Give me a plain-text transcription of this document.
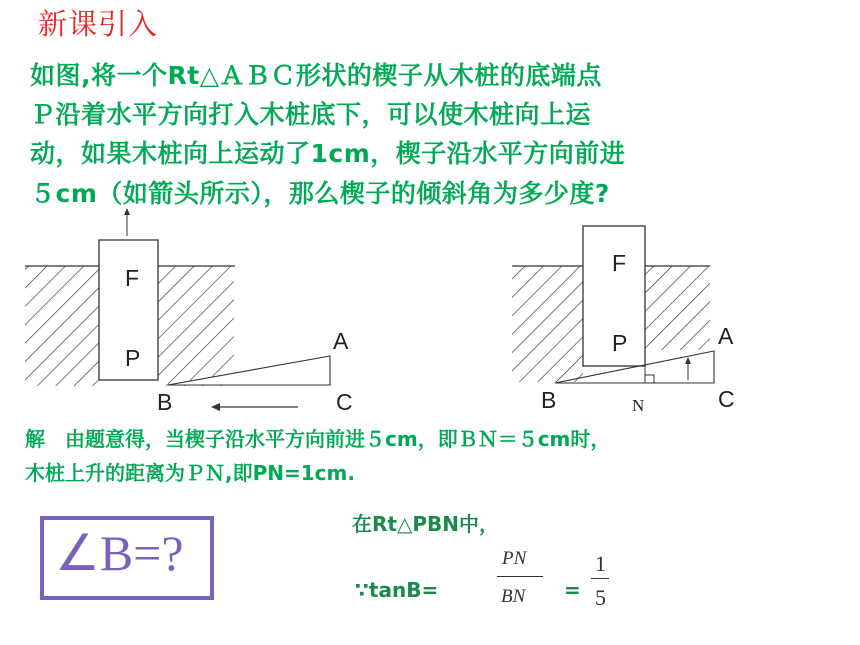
新课引入
如图,将一个Rt△ＡＢＣ形状的楔子从木桩的底端点
Ｐ沿着水平方向打入木桩底下，可以使木桩向上运
动，如果木桩向上运动了1cm，楔子沿水平方向前进
５cm（如箭头所示），那么楔子的倾斜角为多少度?
F
P
A
B	C
F
P	A
B	C
N
解　由题意得，当楔子沿水平方向前进５cm，即ＢＮ＝５cm时，
木桩上升的距离为ＰＮ,即PN=1cm.
∠B=?
在Rt△PBN中，
∵tanB=
PN
BN =
1
5
